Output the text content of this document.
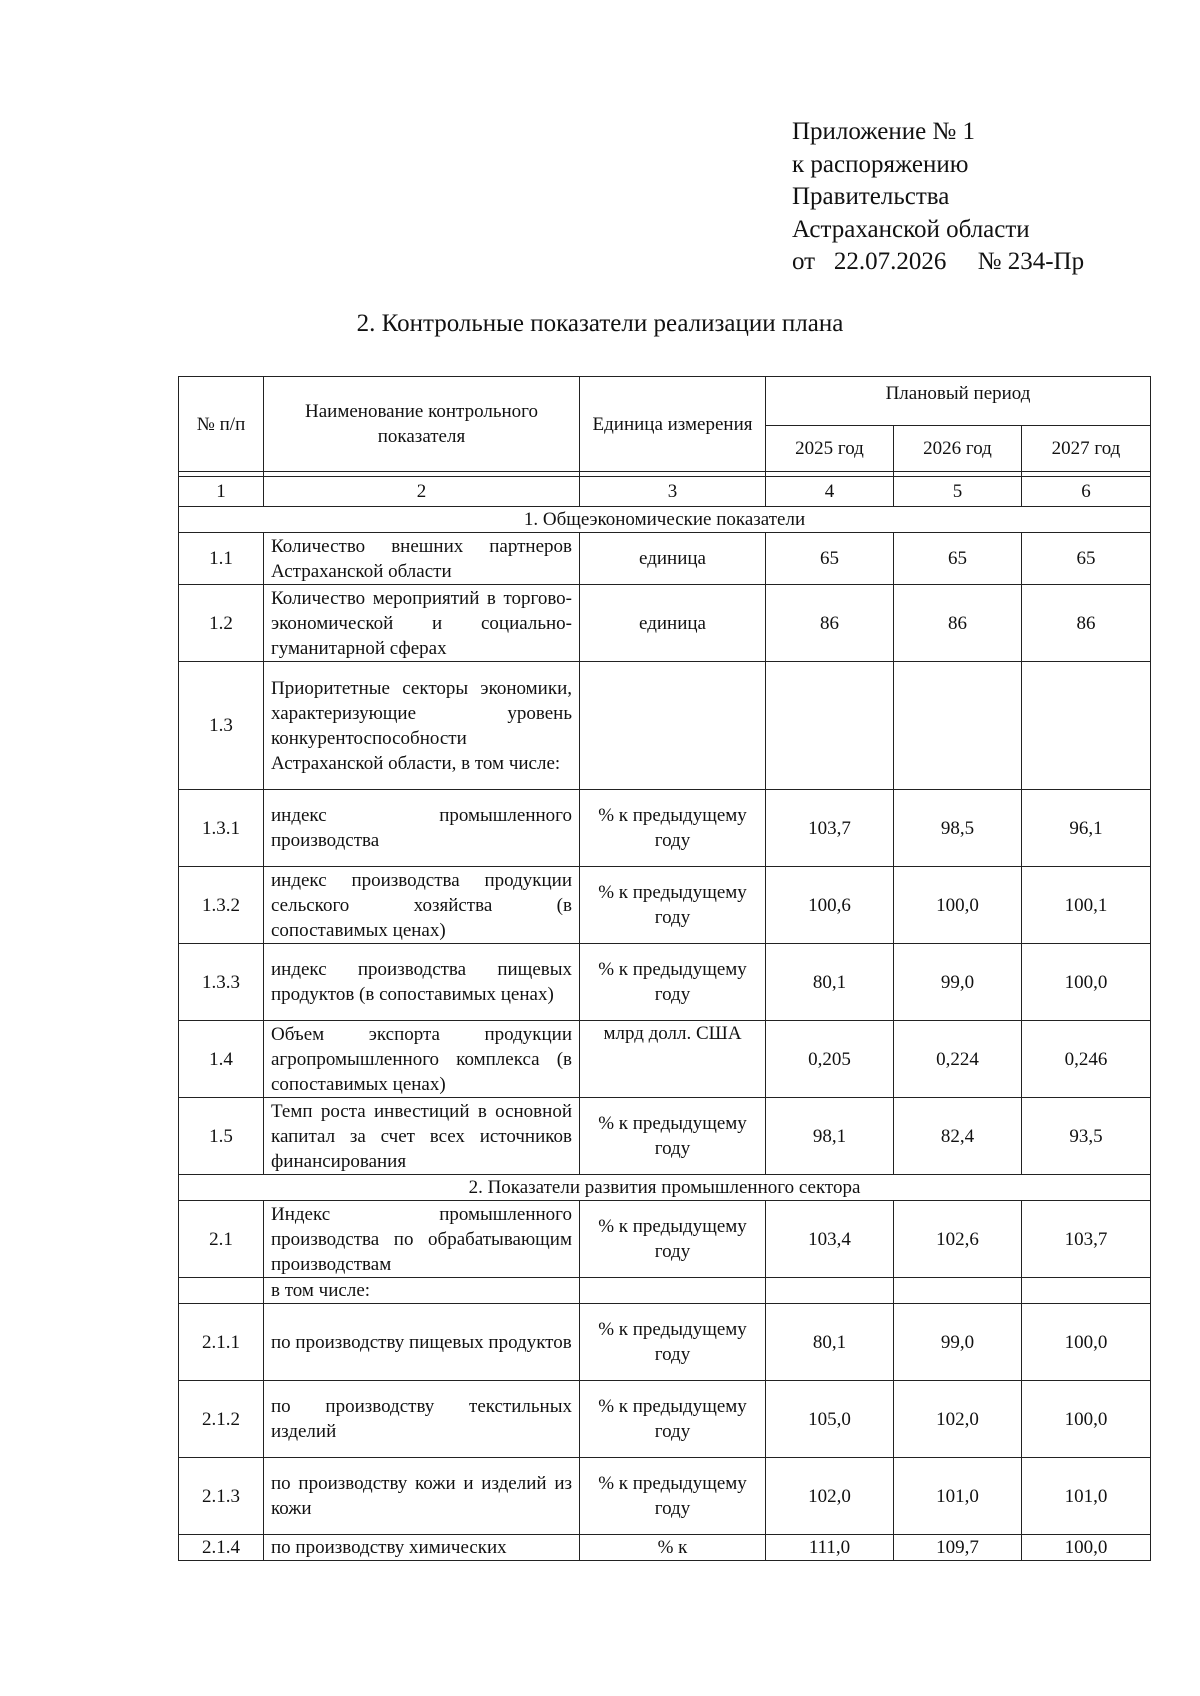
Приложение № 1
к распоряжению
Правительства
Астраханской области
от   22.07.2026     № 234-Пр
2. Контрольные показатели реализации плана
№ п/п	Наименование контрольного показателя	Единица измерения	Плановый период		
			2025 год	2026 год	2027 год

1	2	3	4	5	6
1. Общеэкономические показатели					
1.1	Количество внешних партнеров Астраханской области	единица	65	65	65
1.2	Количество мероприятий в торгово-экономической и социально-гуманитарной сферах	единица	86	86	86
1.3	Приоритетные секторы экономики, характеризующие уровень конкурентоспособности Астраханской области, в том числе:				
1.3.1	индекс промышленного производства	% к предыдущему году	103,7	98,5	96,1
1.3.2	индекс производства продукции сельского хозяйства (в сопоставимых ценах)	% к предыдущему году	100,6	100,0	100,1
1.3.3	индекс производства пищевых продуктов (в сопоставимых ценах)	% к предыдущему году	80,1	99,0	100,0
1.4	Объем экспорта продукции агропромышленного комплекса (в сопоставимых ценах)	млрд долл. США	0,205	0,224	0,246
1.5	Темп роста инвестиций в основной капитал за счет всех источников финансирования	% к предыдущему году	98,1	82,4	93,5
2. Показатели развития промышленного сектора					
2.1	Индекс промышленного производства по обрабатывающим производствам	% к предыдущему году	103,4	102,6	103,7
	в том числе:				
2.1.1	по производству пищевых продуктов	% к предыдущему году	80,1	99,0	100,0
2.1.2	по производству текстильных изделий	% к предыдущему году	105,0	102,0	100,0
2.1.3	по производству кожи и изделий из кожи	% к предыдущему году	102,0	101,0	101,0
2.1.4	по производству химических	% к	111,0	109,7	100,0
